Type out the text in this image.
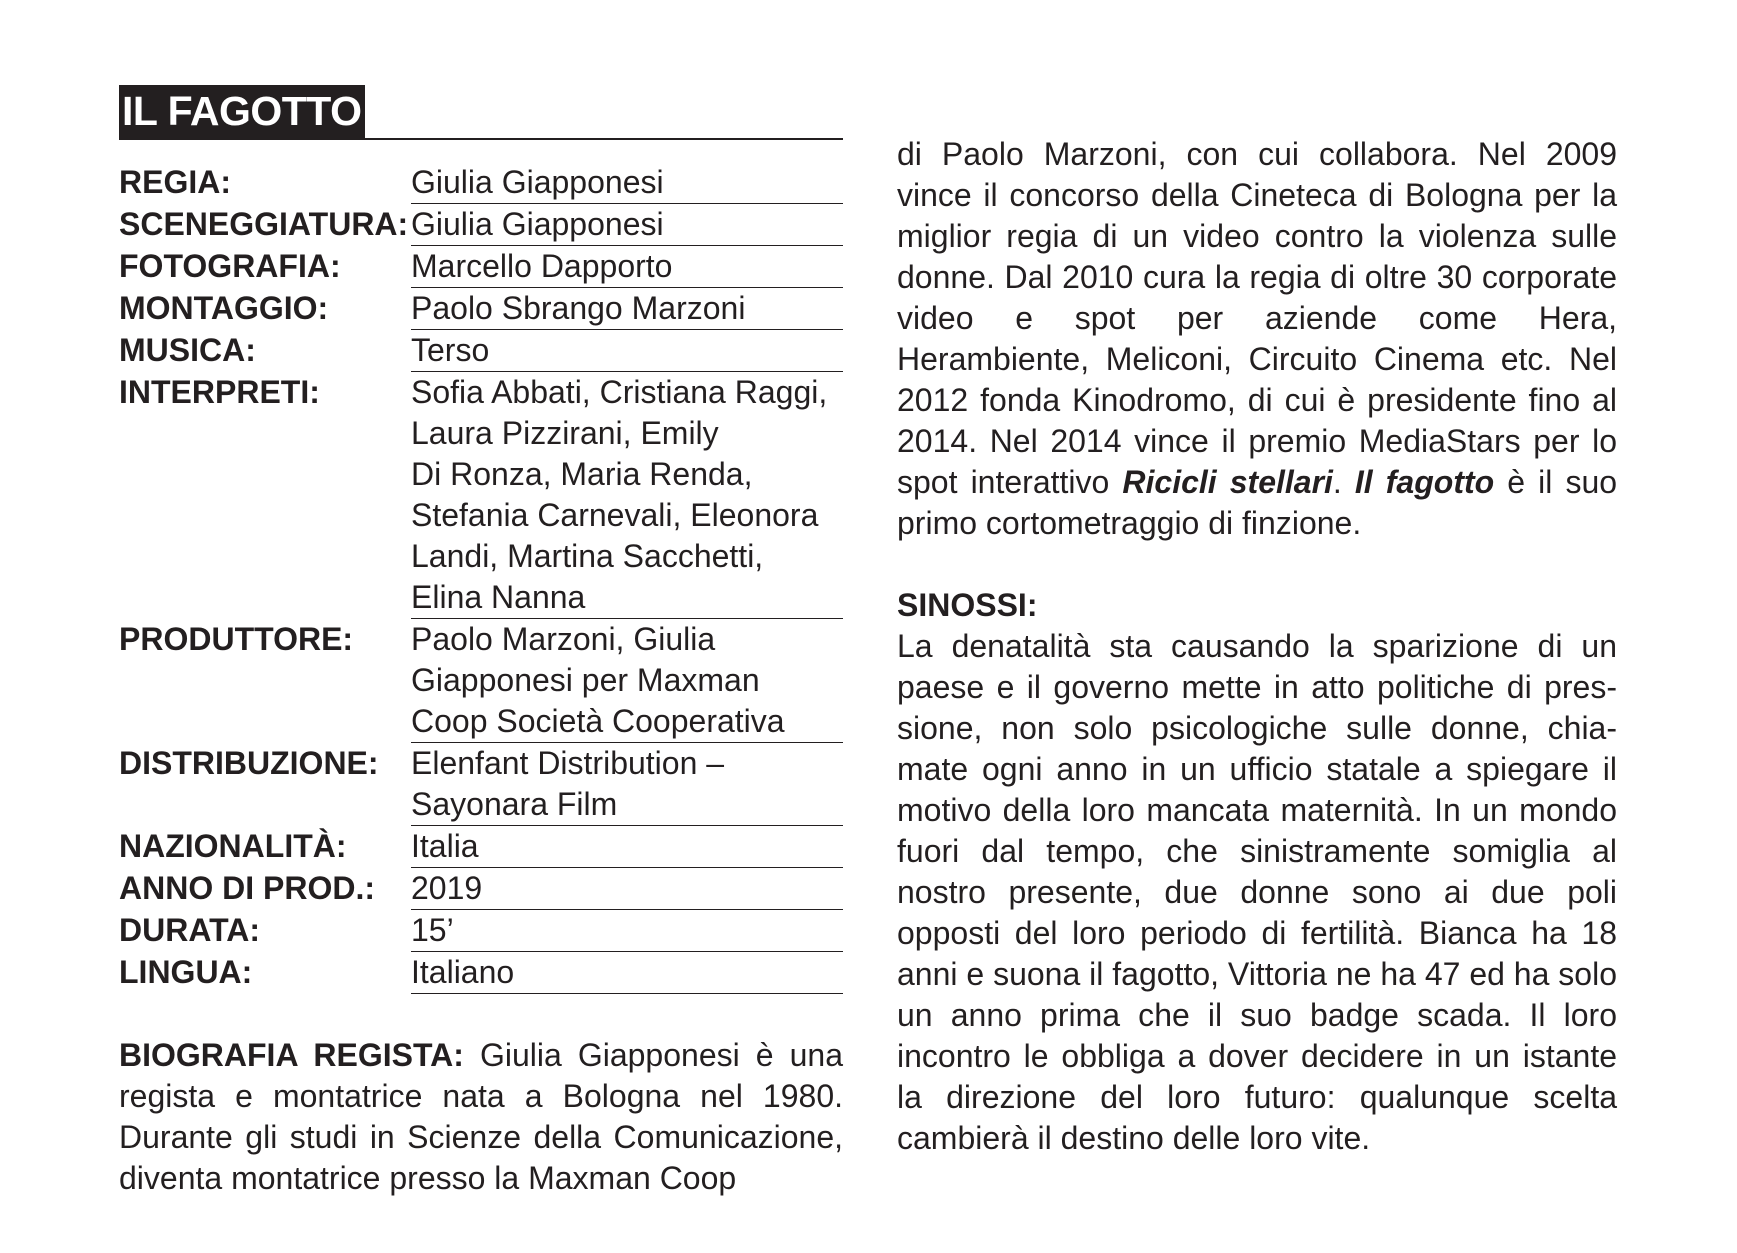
IL FAGOTTO
REGIA:	Giulia Giapponesi
SCENEGGIATURA: Giulia Giapponesi
FOTOGRAFIA:	Marcello Dapporto
MONTAGGIO:	Paolo Sbrango Marzoni
MUSICA:	Terso
INTERPRETI:	Sofia Abbati, Cristiana Raggi,
Laura Pizzirani, Emily
Di Ronza, Maria Renda,
Stefania Carnevali, Eleonora
Landi, Martina Sacchetti,
Elina Nanna
PRODUTTORE:	Paolo Marzoni, Giulia
Giapponesi per Maxman
Coop Società Cooperativa
DISTRIBUZIONE:	Elenfant Distribution –
Sayonara Film
NAZIONALITÀ:	Italia
ANNO DI PROD.:	2019
DURATA:	15’
LINGUA:	Italiano

BIOGRAFIA REGISTA: Giulia Giapponesi è una regista e montatrice nata a Bologna nel 1980. Durante gli studi in Scienze della Comunicazione, diventa montatrice presso la Maxman Coop

di Paolo Marzoni, con cui collabora. Nel 2009 vince il concorso della Cineteca di Bologna per la miglior regia di un video contro la violenza sulle donne. Dal 2010 cura la regia di oltre 30 corporate video e spot per aziende come Hera, Herambiente, Meliconi, Circuito Cinema etc. Nel 2012 fonda Kinodromo, di cui è presidente fino al 2014. Nel 2014 vince il premio MediaStars per lo spot interattivo Ricicli stellari. Il fagotto è il suo primo cortometraggio di finzione.

SINOSSI:

La denatalità sta causando la sparizione di un paese e il governo mette in atto politiche di pressione, non solo psicologiche sulle donne, chiamate ogni anno in un ufficio statale a spiegare il motivo della loro mancata maternità. In un mondo fuori dal tempo, che sinistramente somiglia al nostro presente, due donne sono ai due poli opposti del loro periodo di fertilità. Bianca ha 18 anni e suona il fagotto, Vittoria ne ha 47 ed ha solo un anno prima che il suo badge scada. Il loro incontro le obbliga a dover decidere in un istante la direzione del loro futuro: qualunque scelta cambierà il destino delle loro vite.
